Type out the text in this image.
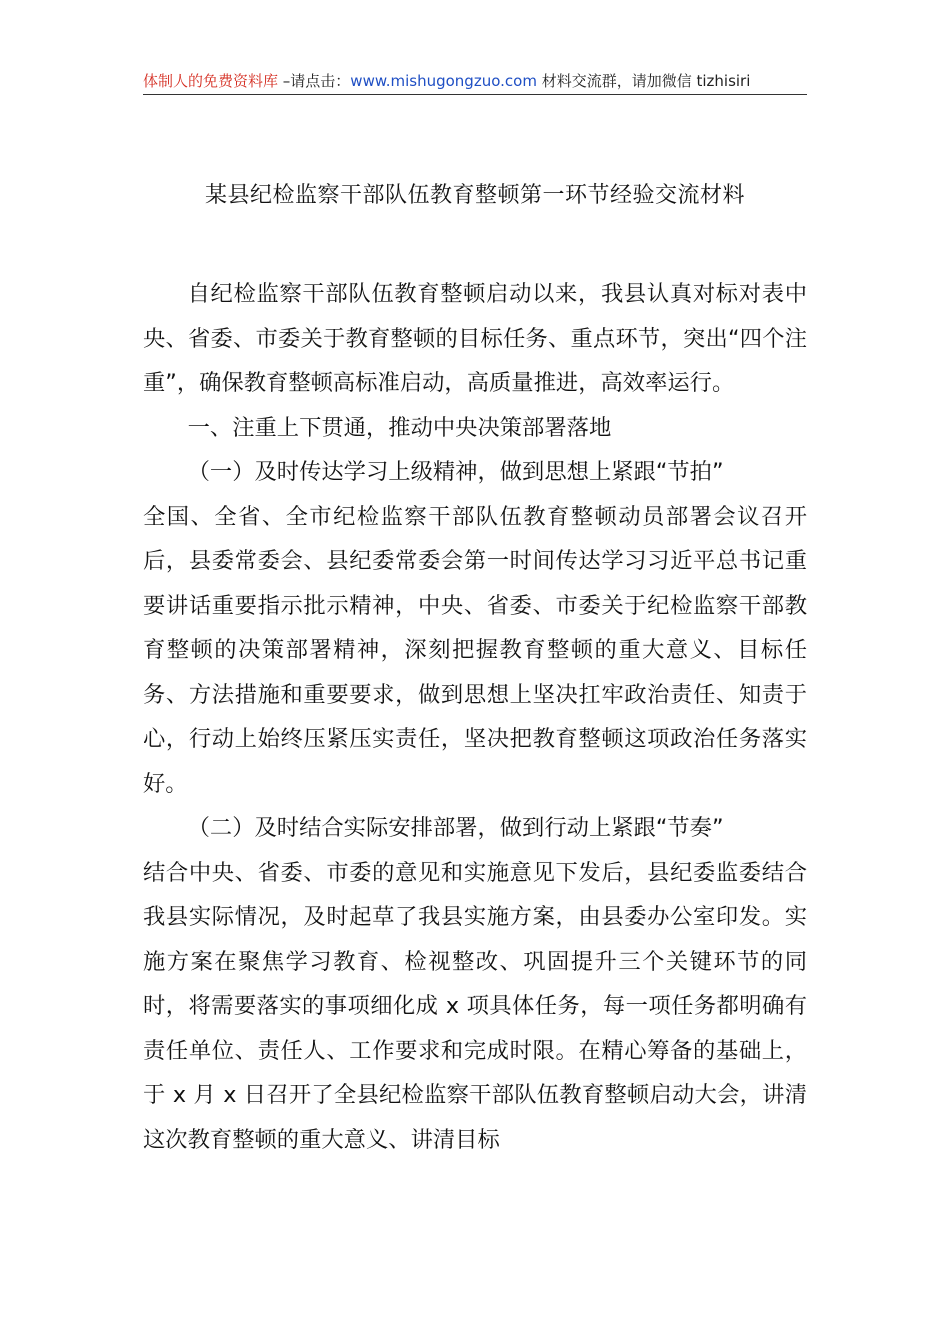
体制人的免费资料库 –请点击：www.mishugongzuo.com 材料交流群，请加微信 tizhisiri
某县纪检监察干部队伍教育整顿第一环节经验交流材料

自纪检监察干部队伍教育整顿启动以来，我县认真对标对表中央、省委、市委关于教育整顿的目标任务、重点环节，突出“四个注重”，确保教育整顿高标准启动，高质量推进，高效率运行。

一、注重上下贯通，推动中央决策部署落地

（一）及时传达学习上级精神，做到思想上紧跟“节拍”

全国、全省、全市纪检监察干部队伍教育整顿动员部署会议召开后，县委常委会、县纪委常委会第一时间传达学习习近平总书记重要讲话重要指示批示精神，中央、省委、市委关于纪检监察干部教育整顿的决策部署精神，深刻把握教育整顿的重大意义、目标任务、方法措施和重要要求，做到思想上坚决扛牢政治责任、知责于心，行动上始终压紧压实责任，坚决把教育整顿这项政治任务落实好。

（二）及时结合实际安排部署，做到行动上紧跟“节奏”

结合中央、省委、市委的意见和实施意见下发后，县纪委监委结合我县实际情况，及时起草了我县实施方案，由县委办公室印发。实施方案在聚焦学习教育、检视整改、巩固提升三个关键环节的同时，将需要落实的事项细化成 x 项具体任务，每一项任务都明确有责任单位、责任人、工作要求和完成时限。在精心筹备的基础上，于 x 月 x 日召开了全县纪检监察干部队伍教育整顿启动大会，讲清这次教育整顿的重大意义、讲清目标
